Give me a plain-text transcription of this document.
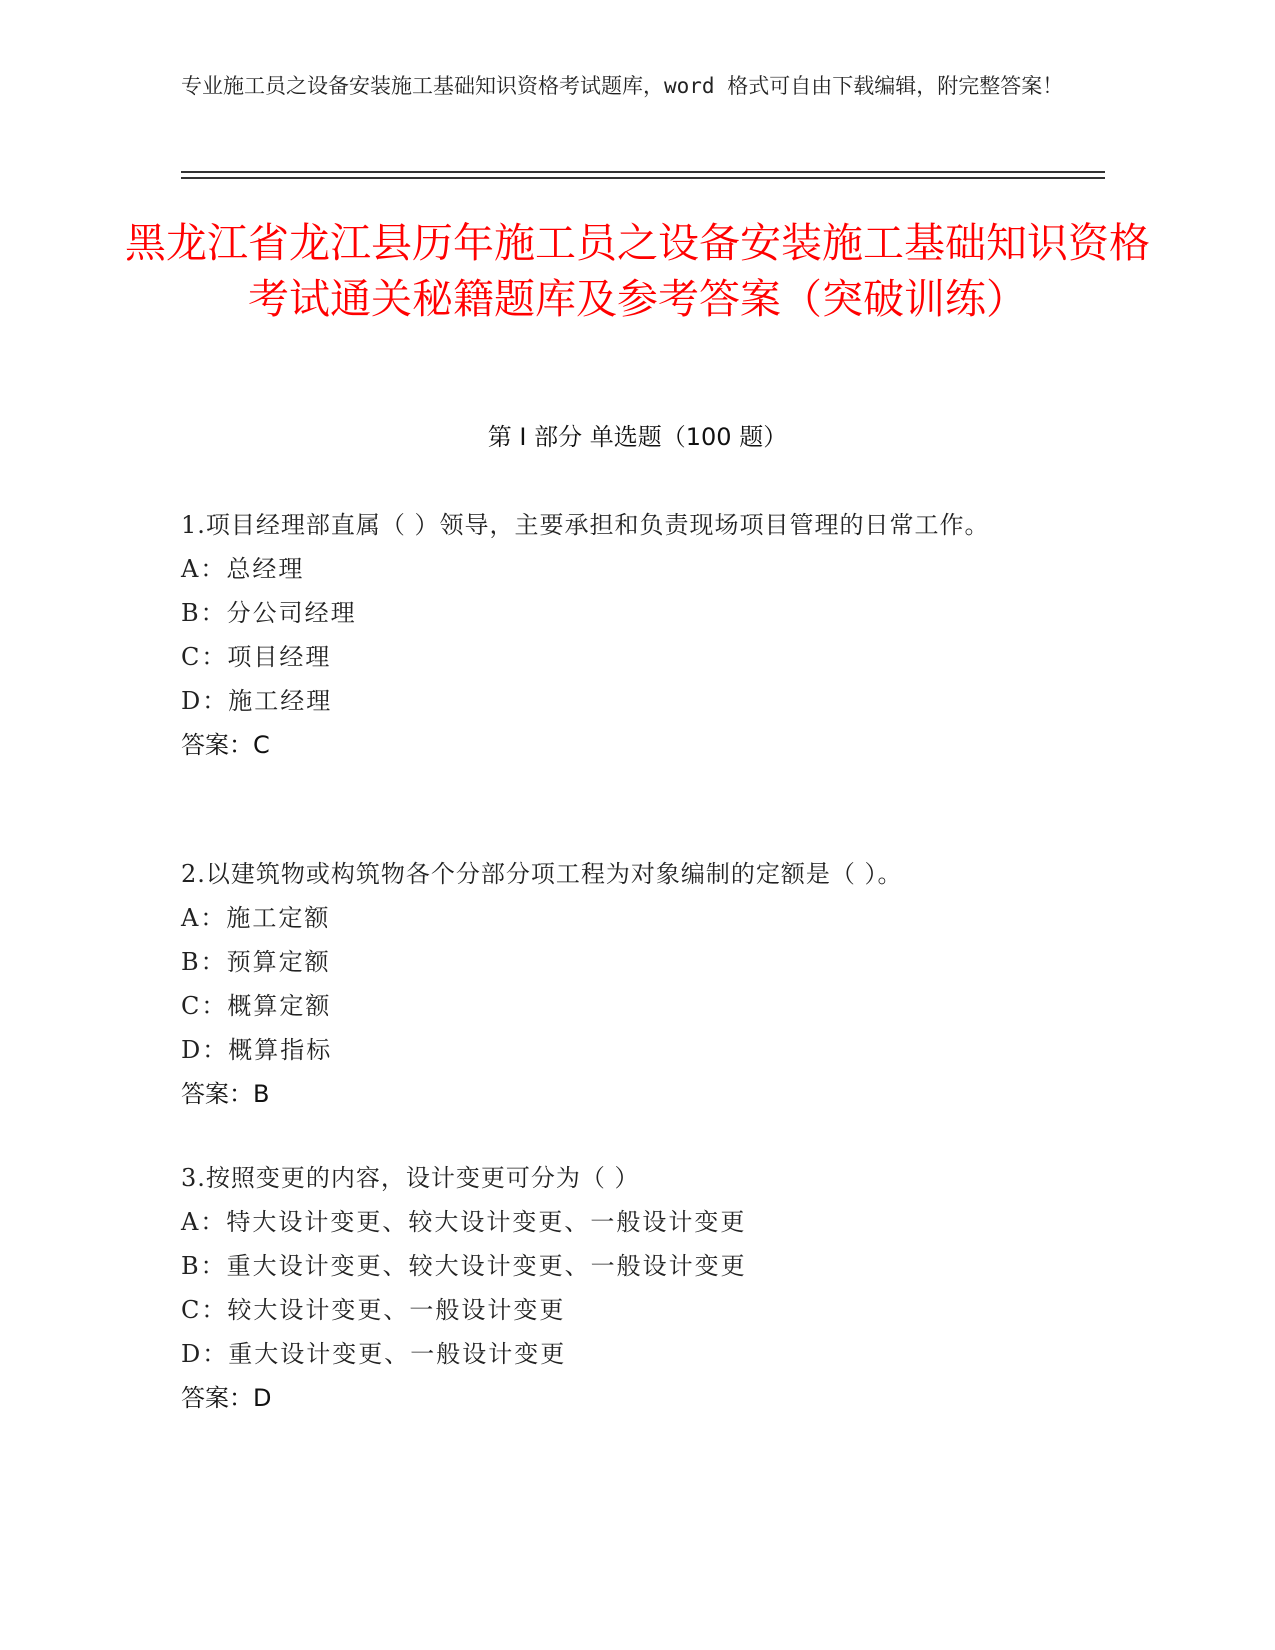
专业施工员之设备安装施工基础知识资格考试题库，word 格式可自由下载编辑，附完整答案！
黑龙江省龙江县历年施工员之设备安装施工基础知识资格考试通关秘籍题库及参考答案（突破训练）
第 I 部分 单选题（100 题）

1.项目经理部直属（ ）领导，主要承担和负责现场项目管理的日常工作。

A：总经理

B：分公司经理

C：项目经理

D：施工经理

答案：C

2.以建筑物或构筑物各个分部分项工程为对象编制的定额是（ ）。

A：施工定额

B：预算定额

C：概算定额

D：概算指标

答案：B

3.按照变更的内容，设计变更可分为（ ）

A：特大设计变更、较大设计变更、一般设计变更

B：重大设计变更、较大设计变更、一般设计变更

C：较大设计变更、一般设计变更

D：重大设计变更、一般设计变更

答案：D
